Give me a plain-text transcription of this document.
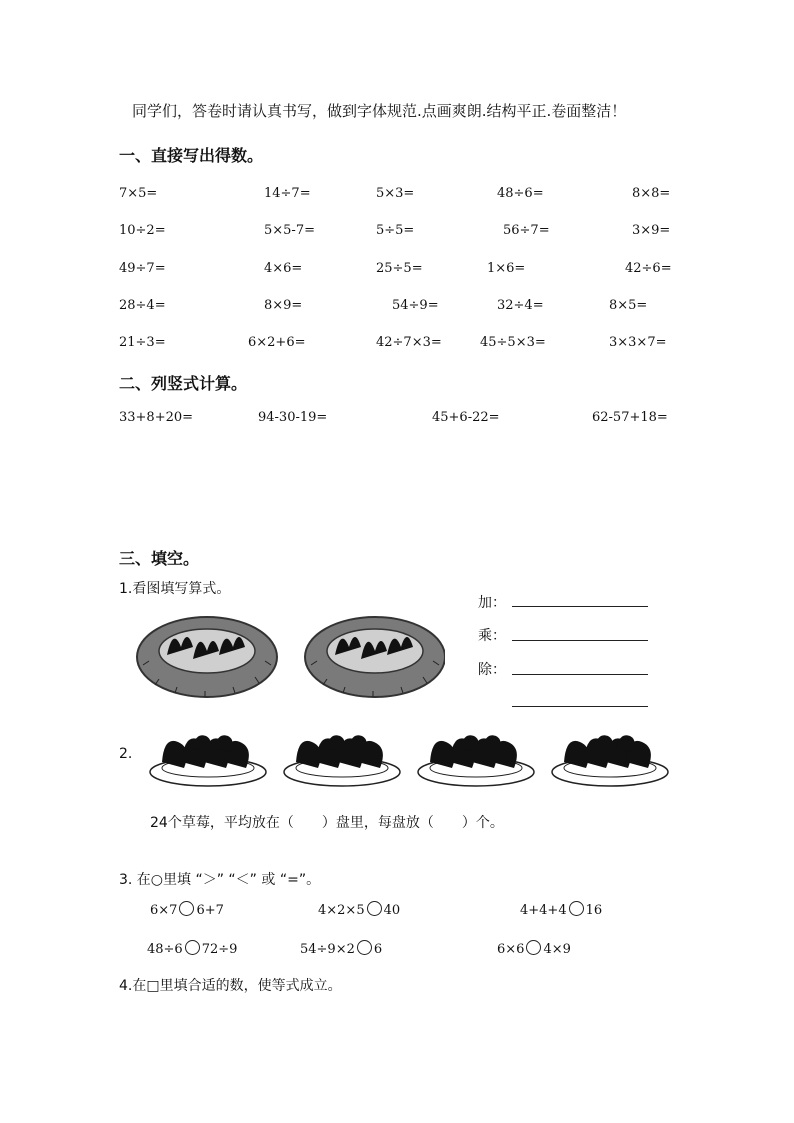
同学们，答卷时请认真书写，做到字体规范.点画爽朗.结构平正.卷面整洁！
一、直接写出得数。
7×5=	14÷7=	5×3=	48÷6=	8×8=
10÷2=	5×5-7=	5÷5=	56÷7=	3×9=
49÷7=	4×6=	25÷5=	1×6=	42÷6=
28÷4=	8×9=	54÷9=	32÷4=	8×5=
21÷3=	6×2+6=	42÷7×3=	45÷5×3=	3×3×7=
二、列竖式计算。
33+8+20=	94-30-19=	45+6-22=	62-57+18=
三、填空。
1.看图填写算式。
加：
乘：
除：
2.
24个草莓，平均放在（　　）盘里，每盘放（　　）个。
3. 在○里填 “＞” “＜” 或 “=”。
6×7 6+7	4×2×5 40	4+4+4 16
48÷6 72÷9	54÷9×2 6	6×6 4×9
4.在□里填合适的数，使等式成立。
